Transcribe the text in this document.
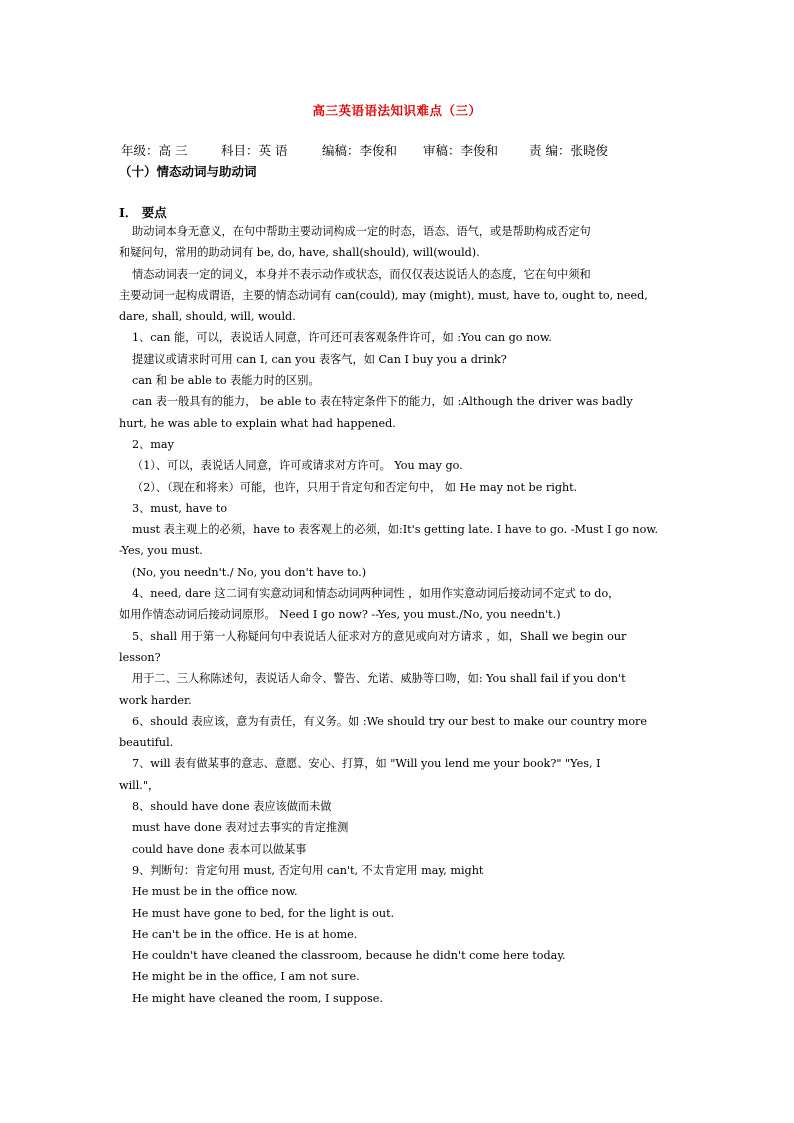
高三英语语法知识难点（三）
年级：高 三	科目：英 语	编稿：李俊和 审稿：李俊和 责 编：张晓俊
（十）情态动词与助动词
I． 要点

助动词本身无意义，在句中帮助主要动词构成一定的时态，语态、语气，或是帮助构成否定句

和疑问句，常用的助动词有 be, do, have, shall(should), will(would).

情态动词表一定的词义，本身并不表示动作或状态，而仅仅表达说话人的态度，它在句中须和

主要动词一起构成谓语，主要的情态动词有 can(could), may (might), must, have to, ought to, need,

dare, shall, should, will, would.

1、can 能，可以，表说话人同意，许可还可表客观条件许可，如 :You can go now.

提建议或请求时可用 can I, can you 表客气，如 Can I buy you a drink?

can 和 be able to 表能力时的区别。

can 表一般具有的能力， be able to 表在特定条件下的能力，如 :Although the driver was badly

hurt, he was able to explain what had happened.

2、may

（1）、可以，表说话人同意，许可或请求对方许可。 You may go.

（2）、（现在和将来）可能，也许，只用于肯定句和否定句中， 如 He may not be right.

3、must, have to

must 表主观上的必须，have to 表客观上的必须，如:It's getting late. I have to go. -Must I go now.

-Yes, you must.

(No, you needn't./ No, you don't have to.)

4、need, dare 这二词有实意动词和情态动词两种词性 ，如用作实意动词后接动词不定式 to do，

如用作情态动词后接动词原形。 Need I go now? --Yes, you must./No, you needn't.)

5、shall 用于第一人称疑问句中表说话人征求对方的意见或向对方请求 ，如，Shall we begin our

lesson?

用于二、三人称陈述句，表说话人命令、警告、允诺、威胁等口吻，如: You shall fail if you don't

work harder.

6、should 表应该，意为有责任，有义务。如 :We should try our best to make our country more

beautiful.

7、will 表有做某事的意志、意愿、安心、打算，如 "Will you lend me your book?" "Yes, I

will."，

8、should have done 表应该做而未做

must have done 表对过去事实的肯定推测

could have done 表本可以做某事

9、判断句：肯定句用 must, 否定句用 can't, 不太肯定用 may, might

He must be in the office now.

He must have gone to bed, for the light is out.

He can't be in the office. He is at home.

He couldn't have cleaned the classroom, because he didn't come here today.

He might be in the office, I am not sure.

He might have cleaned the room, I suppose.
